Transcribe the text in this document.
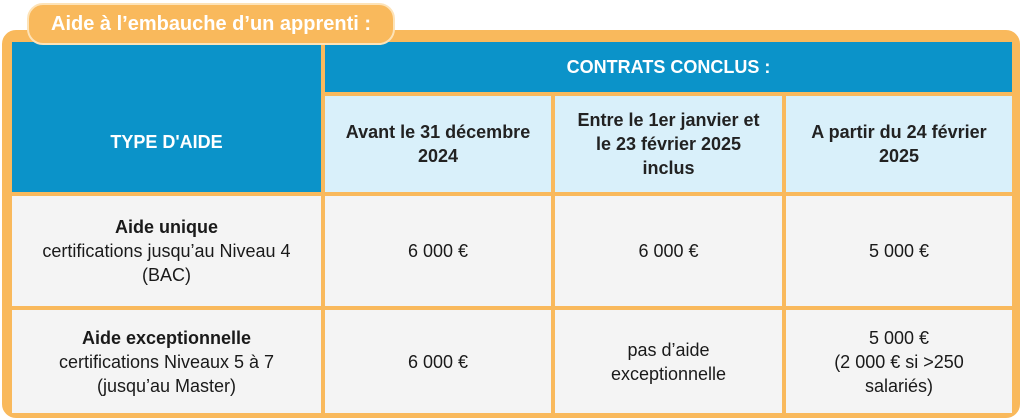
Aide à l’embauche d’un apprenti :
TYPE D'AIDE
CONTRATS CONCLUS :
Avant le 31 décembre
2024
Entre le 1er janvier et
le 23 février 2025
inclus
A partir du 24 février
2025
Aide unique
certifications jusqu’au Niveau 4
(BAC)
6 000 €	6 000 €	5 000 €
Aide exceptionnelle
certifications Niveaux 5 à 7
(jusqu’au Master)
6 000 €
pas d’aide
exceptionnelle
5 000 €
(2 000 € si >250
salariés)
